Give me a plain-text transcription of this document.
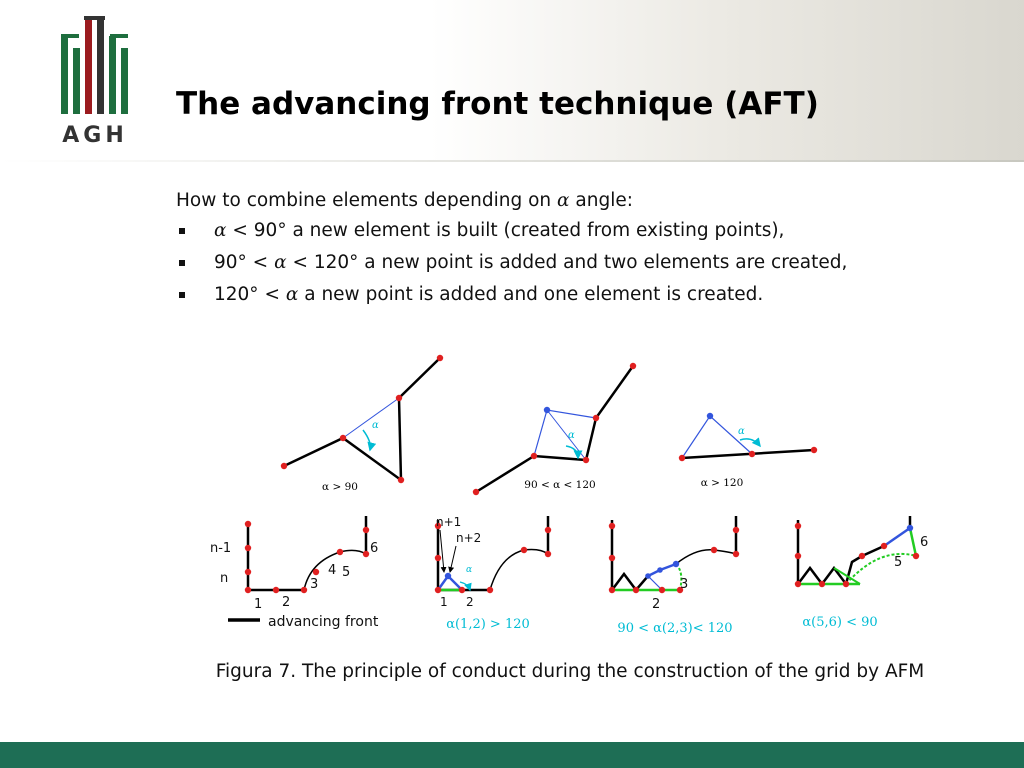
AGH
The advancing front technique (AFT)

How to combine elements depending on α angle:

α < 90° a new element is built (created from existing points),
90° < α < 120° a new point is added and two elements are created,
120° < α a new point is added and one element is created.
α
α > 90
α
90 < α < 120
α
α > 120
n-1
n
1 2
3
4 5
6
advancing front
n+1
n+2
1 2
α
α(1,2) > 120
2
3
90 < α(2,3)< 120
5
6
α(5,6) < 90
Figura 7. The principle of conduct during the construction of the grid by AFM
